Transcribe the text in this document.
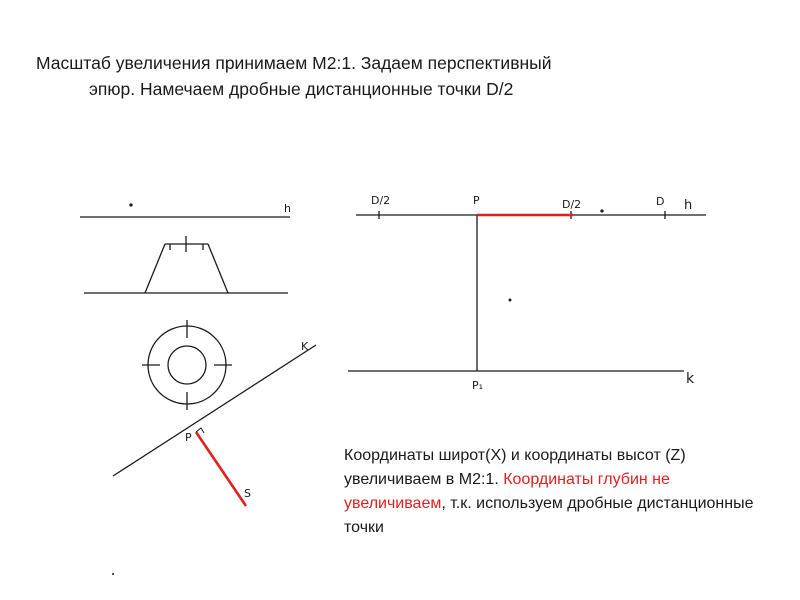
Масштаб увеличения принимаем М2:1. Задаем перспективный
эпюр. Намечаем дробные дистанционные точки D/2
h
K
P
S
D/2	P	D/2	D h
P₁	k

Координаты широт(X) и координаты высот (Z) увеличиваем в М2:1. Координаты глубин не увеличиваем, т.к. используем дробные дистанционные точки
